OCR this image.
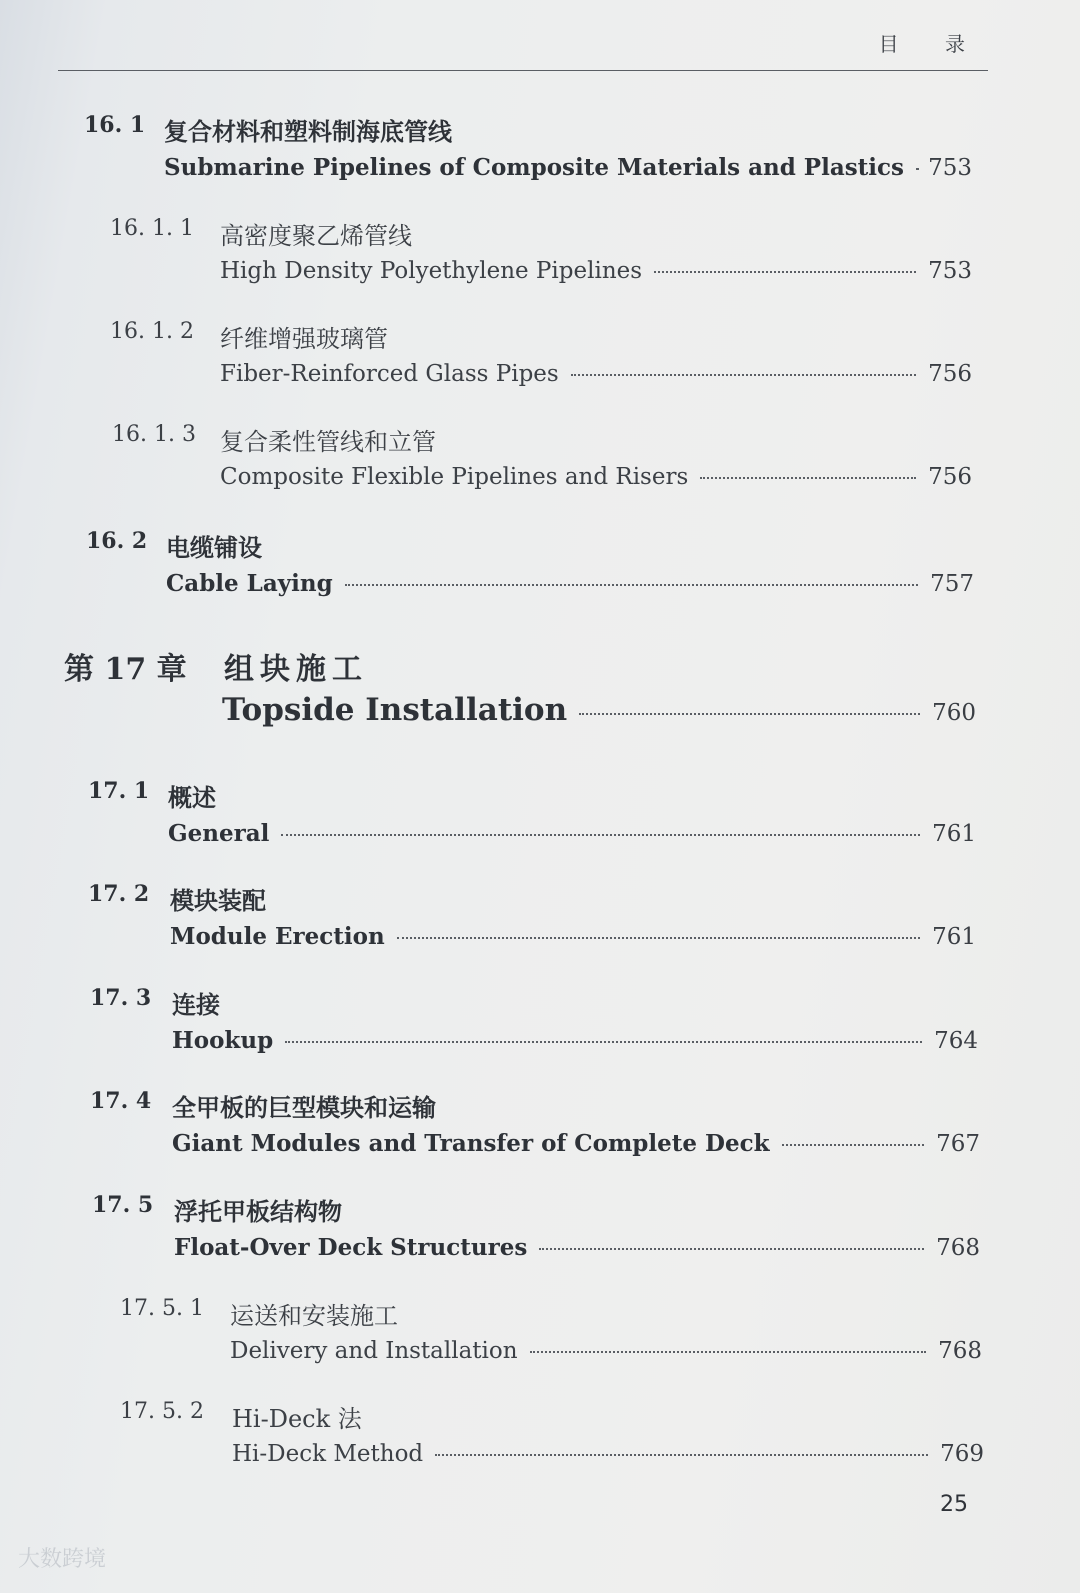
目 录
16. 1 复合材料和塑料制海底管线
Submarine Pipelines of Composite Materials and Plastics 753
16. 1. 1 高密度聚乙烯管线
High Density Polyethylene Pipelines	753
16. 1. 2 纤维增强玻璃管
Fiber-Reinforced Glass Pipes	756
16. 1. 3 复合柔性管线和立管
Composite Flexible Pipelines and Risers	756
16. 2 电缆铺设
Cable Laying	757
第 17 章 组块施工
Topside Installation	760
17. 1 概述
General	761
17. 2 模块装配
Module Erection	761
17. 3 连接
Hookup	764
17. 4 全甲板的巨型模块和运输
Giant Modules and Transfer of Complete Deck	767
17. 5 浮托甲板结构物
Float-Over Deck Structures	768
17. 5. 1 运送和安装施工
Delivery and Installation	768
17. 5. 2 Hi-Deck 法
Hi-Deck Method	769
25
大数跨境
